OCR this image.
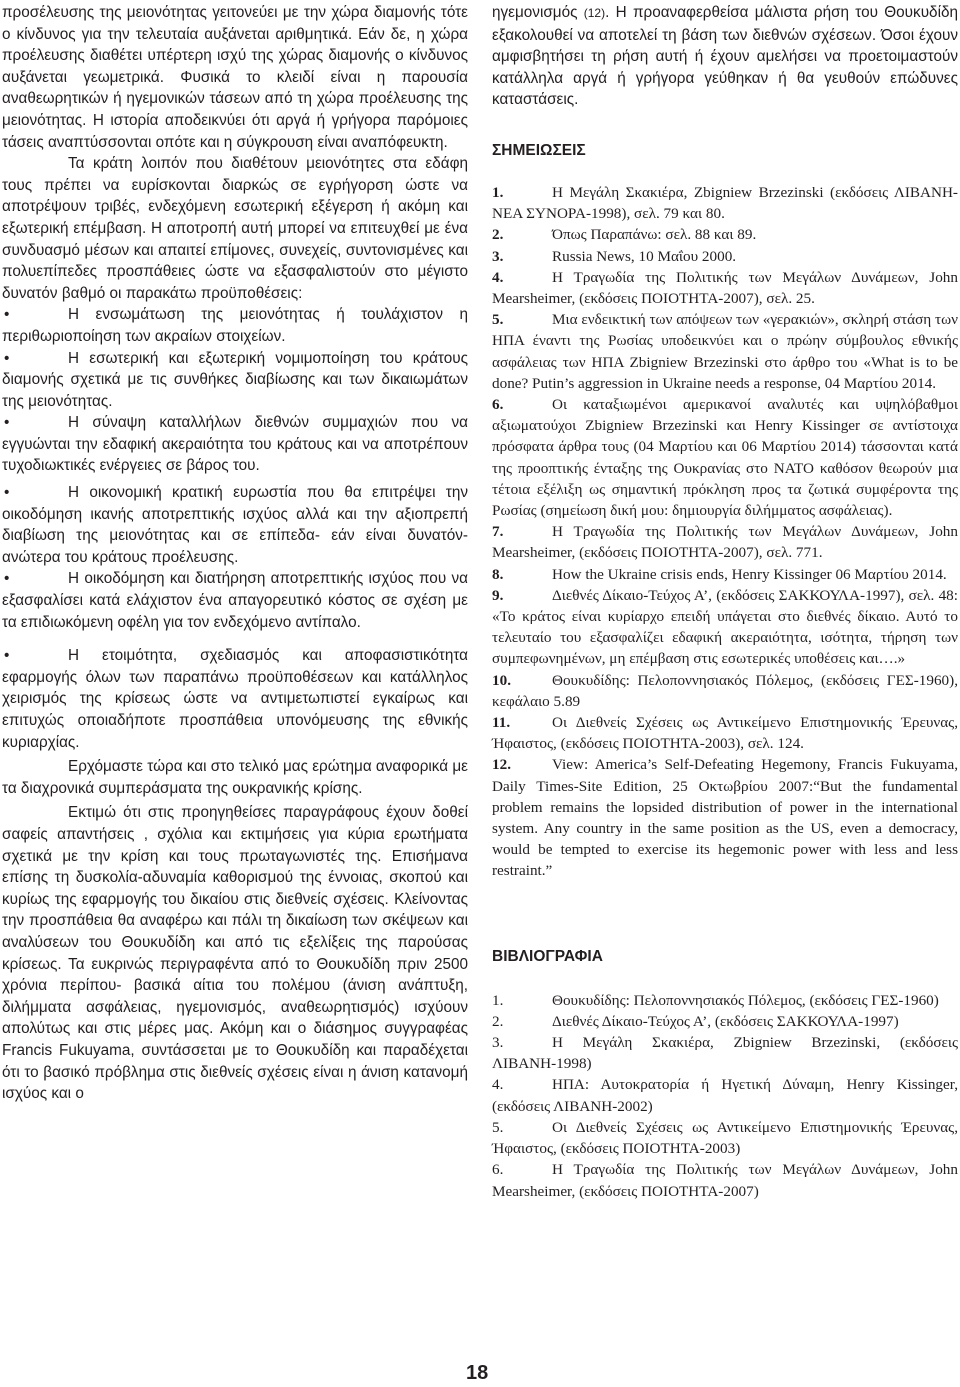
προσέλευσης της μειονότητας γειτονεύει με την χώρα διαμονής τότε ο κίνδυνος για την τελευταία αυξάνεται αριθμητικά. Εάν δε, η χώρα προέλευσης διαθέτει υπέρτερη ισχύ της χώρας διαμονής ο κίνδυνος αυξάνεται γεωμετρικά. Φυσικά το κλειδί είναι η παρουσία αναθεωρητικών ή ηγεμονικών τάσεων από τη χώρα προέλευσης της μειονότητας. Η ιστορία αποδεικνύει ότι αργά ή γρήγορα παρόμοιες τάσεις αναπτύσσονται οπότε και η σύγκρουση είναι αναπόφευκτη.

Τα κράτη λοιπόν που διαθέτουν μειονότητες στα εδάφη τους πρέπει να ευρίσκονται διαρκώς σε εγρήγορση ώστε να αποτρέψουν τριβές, ενδεχόμενη εσωτερική εξέγερση ή ακόμη και εξωτερική επέμβαση. Η αποτροπή αυτή μπορεί να επιτευχθεί με ένα συνδυασμό μέσων και απαιτεί επίμονες, συνεχείς, συντονισμένες και πολυεπίπεδες προσπάθειες ώστε να εξασφαλιστούν στο μέγιστο δυνατόν βαθμό οι παρακάτω προϋποθέσεις:

•	Η ενσωμάτωση της μειονότητας ή τουλάχιστον η περιθωριοποίηση των ακραίων στοιχείων.
•	Η εσωτερική και εξωτερική νομιμοποίηση του κράτους διαμονής σχετικά με τις συνθήκες διαβίωσης και των δικαιωμάτων της μειονότητας.
•	Η σύναψη καταλλήλων διεθνών συμμαχιών που να εγγυώνται την εδαφική ακεραιότητα του κράτους και να αποτρέπουν τυχοδιωκτικές ενέργειες σε βάρος του.
•	Η οικονομική κρατική ευρωστία που θα επιτρέψει την οικοδόμηση ικανής αποτρεπτικής ισχύος αλλά και την αξιοπρεπή διαβίωση της μειονότητας και σε επίπεδα- εάν είναι δυνατόν- ανώτερα του κράτους προέλευσης.
•	Η οικοδόμηση και διατήρηση αποτρεπτικής ισχύος που να εξασφαλίσει κατά ελάχιστον ένα απαγορευτικό κόστος σε σχέση με τα επιδιωκόμενη οφέλη για τον ενδεχόμενο αντίπαλο.
•	Η ετοιμότητα, σχεδιασμός και αποφασιστικότητα εφαρμογής όλων των παραπάνω προϋποθέσεων και κατάλληλος χειρισμός της κρίσεως ώστε να αντιμετωπιστεί εγκαίρως και επιτυχώς οποιαδήποτε προσπάθεια υπονόμευσης της εθνικής κυριαρχίας.

Ερχόμαστε τώρα και στο τελικό μας ερώτημα αναφορικά με τα διαχρονικά συμπεράσματα της ουκρανικής κρίσης.

Εκτιμώ ότι στις προηγηθείσες παραγράφους έχουν δοθεί σαφείς απαντήσεις , σχόλια και εκτιμήσεις για κύρια ερωτήματα σχετικά με την κρίση και τους πρωταγωνιστές της. Επισήμανα επίσης τη δυσκολία-αδυναμία καθορισμού της έννοιας, σκοπού και κυρίως της εφαρμογής του δικαίου στις διεθνείς σχέσεις. Κλείνοντας την προσπάθεια θα αναφέρω και πάλι τη δικαίωση των σκέψεων και αναλύσεων του Θουκυδίδη και από τις εξελίξεις της παρούσας κρίσεως. Τα ευκρινώς περιγραφέντα από το Θουκυδίδη πριν 2500 χρόνια περίπου- βασικά αίτια του πολέμου (άνιση ανάπτυξη, διλήμματα ασφάλειας, ηγεμονισμός, αναθεωρητισμός) ισχύουν απολύτως και στις μέρες μας. Ακόμη και ο διάσημος συγγραφέας Francis Fukuyama, συντάσσεται με το Θουκυδίδη και παραδέχεται ότι το βασικό πρόβλημα στις διεθνείς σχέσεις είναι η άνιση κατανομή ισχύος και ο

ηγεμονισμός (12). Η προαναφερθείσα μάλιστα ρήση του Θουκυδίδη εξακολουθεί να αποτελεί τη βάση των διεθνών σχέσεων. Όσοι έχουν αμφισβητήσει τη ρήση αυτή ή έχουν αμελήσει να προετοιμαστούν κατάλληλα αργά ή γρήγορα γεύθηκαν ή θα γευθούν επώδυνες καταστάσεις.

ΣΗΜΕΙΩΣΕΙΣ

1.	Η Μεγάλη Σκακιέρα, Zbigniew Brzezinski (εκδόσεις ΛΙΒΑΝΗ-ΝΕΑ ΣΥΝΟΡΑ-1998), σελ. 79 και 80.

2.	Όπως Παραπάνω: σελ. 88 και 89.

3.	Russia News, 10 Μαΐου 2000.

4.	Η Τραγωδία της Πολιτικής των Μεγάλων Δυνάμεων, John Mearsheimer, (εκδόσεις ΠΟΙΟΤΗΤΑ-2007), σελ. 25.

5.	Μια ενδεικτική των απόψεων των «γερακιών», σκληρή στάση των ΗΠΑ έναντι της Ρωσίας υποδεικνύει και ο πρώην σύμβουλος εθνικής ασφάλειας των ΗΠΑ Zbigniew Brzezinski στο άρθρο του «What is to be done? Putin’s aggression in Ukraine needs a response, 04 Μαρτίου 2014.

6.	Οι καταξιωμένοι αμερικανοί αναλυτές και υψηλόβαθμοι αξιωματούχοι Zbigniew Brzezinski και Henry Kissinger σε αντίστοιχα πρόσφατα άρθρα τους (04 Μαρτίου και 06 Μαρτίου 2014) τάσσονται κατά της προοπτικής ένταξης της Ουκρανίας στο ΝΑΤΟ καθόσον θεωρούν μια τέτοια εξέλιξη ως σημαντική πρόκληση προς τα ζωτικά συμφέροντα της Ρωσίας (σημείωση δική μου: δημιουργία διλήμματος ασφάλειας).

7.	Η Τραγωδία της Πολιτικής των Μεγάλων Δυνάμεων, John Mearsheimer, (εκδόσεις ΠΟΙΟΤΗΤΑ-2007), σελ. 771.

8.	How the Ukraine crisis ends, Henry Kissinger 06 Μαρτίου 2014.

9.	Διεθνές Δίκαιο-Τεύχος Α’, (εκδόσεις ΣΑΚΚΟΥΛΑ-1997), σελ. 48: «Το κράτος είναι κυρίαρχο επειδή υπάγεται στο διεθνές δίκαιο. Αυτό το τελευταίο του εξασφαλίζει εδαφική ακεραιότητα, ισότητα, τήρηση των συμπεφωνημένων, μη επέμβαση στις εσωτερικές υποθέσεις και….»

10.	Θουκυδίδης: Πελοποννησιακός Πόλεμος, (εκδόσεις ΓΕΣ-1960), κεφάλαιο 5.89

11.	Οι Διεθνείς Σχέσεις ως Αντικείμενο Επιστημονικής Έρευνας, Ήφαιστος, (εκδόσεις ΠΟΙΟΤΗΤΑ-2003), σελ. 124.

12.	View: America’s Self-Defeating Hegemony, Francis Fukuyama, Daily Times-Site Edition, 25 Οκτωβρίου 2007:“But the fundamental problem remains the lopsided distribution of power in the international system. Any country in the same position as the US, even a democracy, would be tempted to exercise its hegemonic power with less and less restraint.”

ΒΙΒΛΙΟΓΡΑΦΙΑ

1.	Θουκυδίδης: Πελοποννησιακός Πόλεμος, (εκδόσεις ΓΕΣ-1960)

2.	Διεθνές Δίκαιο-Τεύχος Α’, (εκδόσεις ΣΑΚΚΟΥΛΑ-1997)

3.	Η Μεγάλη Σκακιέρα, Zbigniew Brzezinski, (εκδόσεις ΛΙΒΑΝΗ-1998)

4.	ΗΠΑ: Αυτοκρατορία ή Ηγετική Δύναμη, Henry Kissinger, (εκδόσεις ΛΙΒΑΝΗ-2002)

5.	Οι Διεθνείς Σχέσεις ως Αντικείμενο Επιστημονικής Έρευνας, Ήφαιστος, (εκδόσεις ΠΟΙΟΤΗΤΑ-2003)

6.	Η Τραγωδία της Πολιτικής των Μεγάλων Δυνάμεων, John Mearsheimer, (εκδόσεις ΠΟΙΟΤΗΤΑ-2007)

18
